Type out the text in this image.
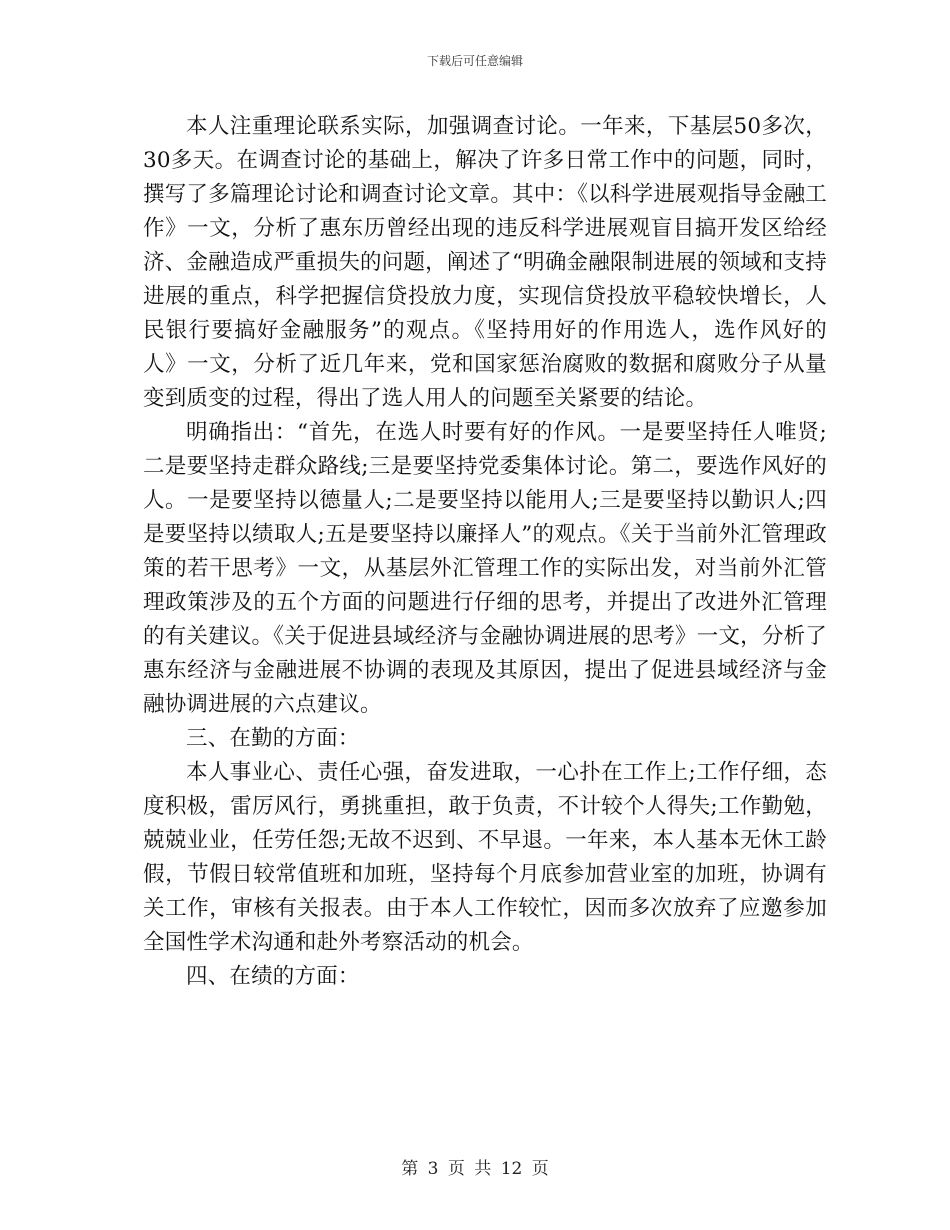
下载后可任意编辑

本人注重理论联系实际，加强调查讨论。一年来，下基层50多次，30多天。在调查讨论的基础上，解决了许多日常工作中的问题，同时，撰写了多篇理论讨论和调查讨论文章。其中：《以科学进展观指导金融工作》一文，分析了惠东历曾经出现的违反科学进展观盲目搞开发区给经济、金融造成严重损失的问题，阐述了“明确金融限制进展的领域和支持进展的重点，科学把握信贷投放力度，实现信贷投放平稳较快增长，人民银行要搞好金融服务”的观点。《坚持用好的作用选人，选作风好的人》一文，分析了近几年来，党和国家惩治腐败的数据和腐败分子从量变到质变的过程，得出了选人用人的问题至关紧要的结论。

明确指出：“首先，在选人时要有好的作风。一是要坚持任人唯贤;二是要坚持走群众路线;三是要坚持党委集体讨论。第二，要选作风好的人。一是要坚持以德量人;二是要坚持以能用人;三是要坚持以勤识人;四是要坚持以绩取人;五是要坚持以廉择人”的观点。《关于当前外汇管理政策的若干思考》一文，从基层外汇管理工作的实际出发，对当前外汇管理政策涉及的五个方面的问题进行仔细的思考，并提出了改进外汇管理的有关建议。《关于促进县域经济与金融协调进展的思考》一文，分析了惠东经济与金融进展不协调的表现及其原因，提出了促进县域经济与金融协调进展的六点建议。

三、在勤的方面：

本人事业心、责任心强，奋发进取，一心扑在工作上;工作仔细，态度积极，雷厉风行，勇挑重担，敢于负责，不计较个人得失;工作勤勉，兢兢业业，任劳任怨;无故不迟到、不早退。一年来，本人基本无休工龄假，节假日较常值班和加班，坚持每个月底参加营业室的加班，协调有关工作，审核有关报表。由于本人工作较忙，因而多次放弃了应邀参加全国性学术沟通和赴外考察活动的机会。

四、在绩的方面：

第 3 页 共 12 页
